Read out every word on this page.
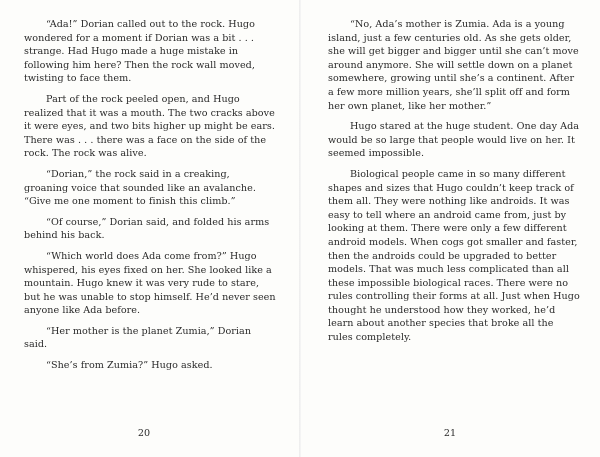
“Ada!” Dorian called out to the rock. Hugo wondered for a moment if Dorian was a bit . . . strange. Had Hugo made a huge mistake in following him here? Then the rock wall moved, twisting to face them.

Part of the rock peeled open, and Hugo realized that it was a mouth. The two cracks above it were eyes, and two bits higher up might be ears. There was . . . there was a face on the side of the rock. The rock was alive.

“Dorian,” the rock said in a creaking, groaning voice that sounded like an avalanche. “Give me one moment to finish this climb.”

“Of course,” Dorian said, and folded his arms behind his back.

“Which world does Ada come from?” Hugo whispered, his eyes fixed on her. She looked like a mountain. Hugo knew it was very rude to stare, but he was unable to stop himself. He’d never seen anyone like Ada before.

“Her mother is the planet Zumia,” Dorian said.

“She’s from Zumia?” Hugo asked.

20

“No, Ada’s mother is Zumia. Ada is a young island, just a few centuries old. As she gets older, she will get bigger and bigger until she can’t move around anymore. She will settle down on a planet somewhere, growing until she’s a continent. After a few more million years, she’ll split off and form her own planet, like her mother.”

Hugo stared at the huge student. One day Ada would be so large that people would live on her. It seemed impossible.

Biological people came in so many different shapes and sizes that Hugo couldn’t keep track of them all. They were nothing like androids. It was easy to tell where an android came from, just by looking at them. There were only a few different android models. When cogs got smaller and faster, then the androids could be upgraded to better models. That was much less complicated than all these impossible biological races. There were no rules controlling their forms at all. Just when Hugo thought he understood how they worked, he’d learn about another species that broke all the rules completely.

21
